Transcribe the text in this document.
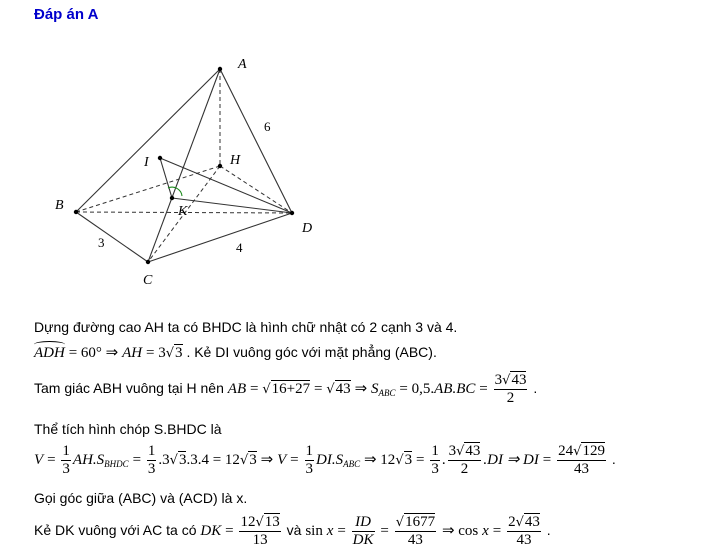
Đáp án A
A
B
C
D
H
I
K
6
3	4
Dựng đường cao AH ta có BHDC là hình chữ nhật có 2 cạnh 3 và 4.
ADH = 60° ⇒ AH = 3√3 . Kẻ DI vuông góc với mặt phẳng (ABC).
Tam giác ABH vuông tại H nên AB = √16+27 = √43 ⇒ $S_{ABC} = 0,5.AB.BC = \frac{3√43}{2}$ .
Thể tích hình chóp S.BHDC là
$V = \frac{1}{3} AH.S_{BHDC} = \frac{1}{3} .3√3.3.4 = 12√3$ ⇒ $V = \frac{1}{3} DI.S_{ABC}$ ⇒ $12√3 = \frac{1}{3}$ . $\frac{3√43}{2} .DI$ ⇒ DI = $\frac{24√129}{43}$ .
Gọi góc giữa (ABC) và (ACD) là x.
Kẻ DK vuông với AC ta có DK = $\frac{12√13}{13}$ và $\sin x = \frac{ID}{DK} = \frac{√1677}{43}$ ⇒ $\cos x = \frac{2√43}{43}$ .
